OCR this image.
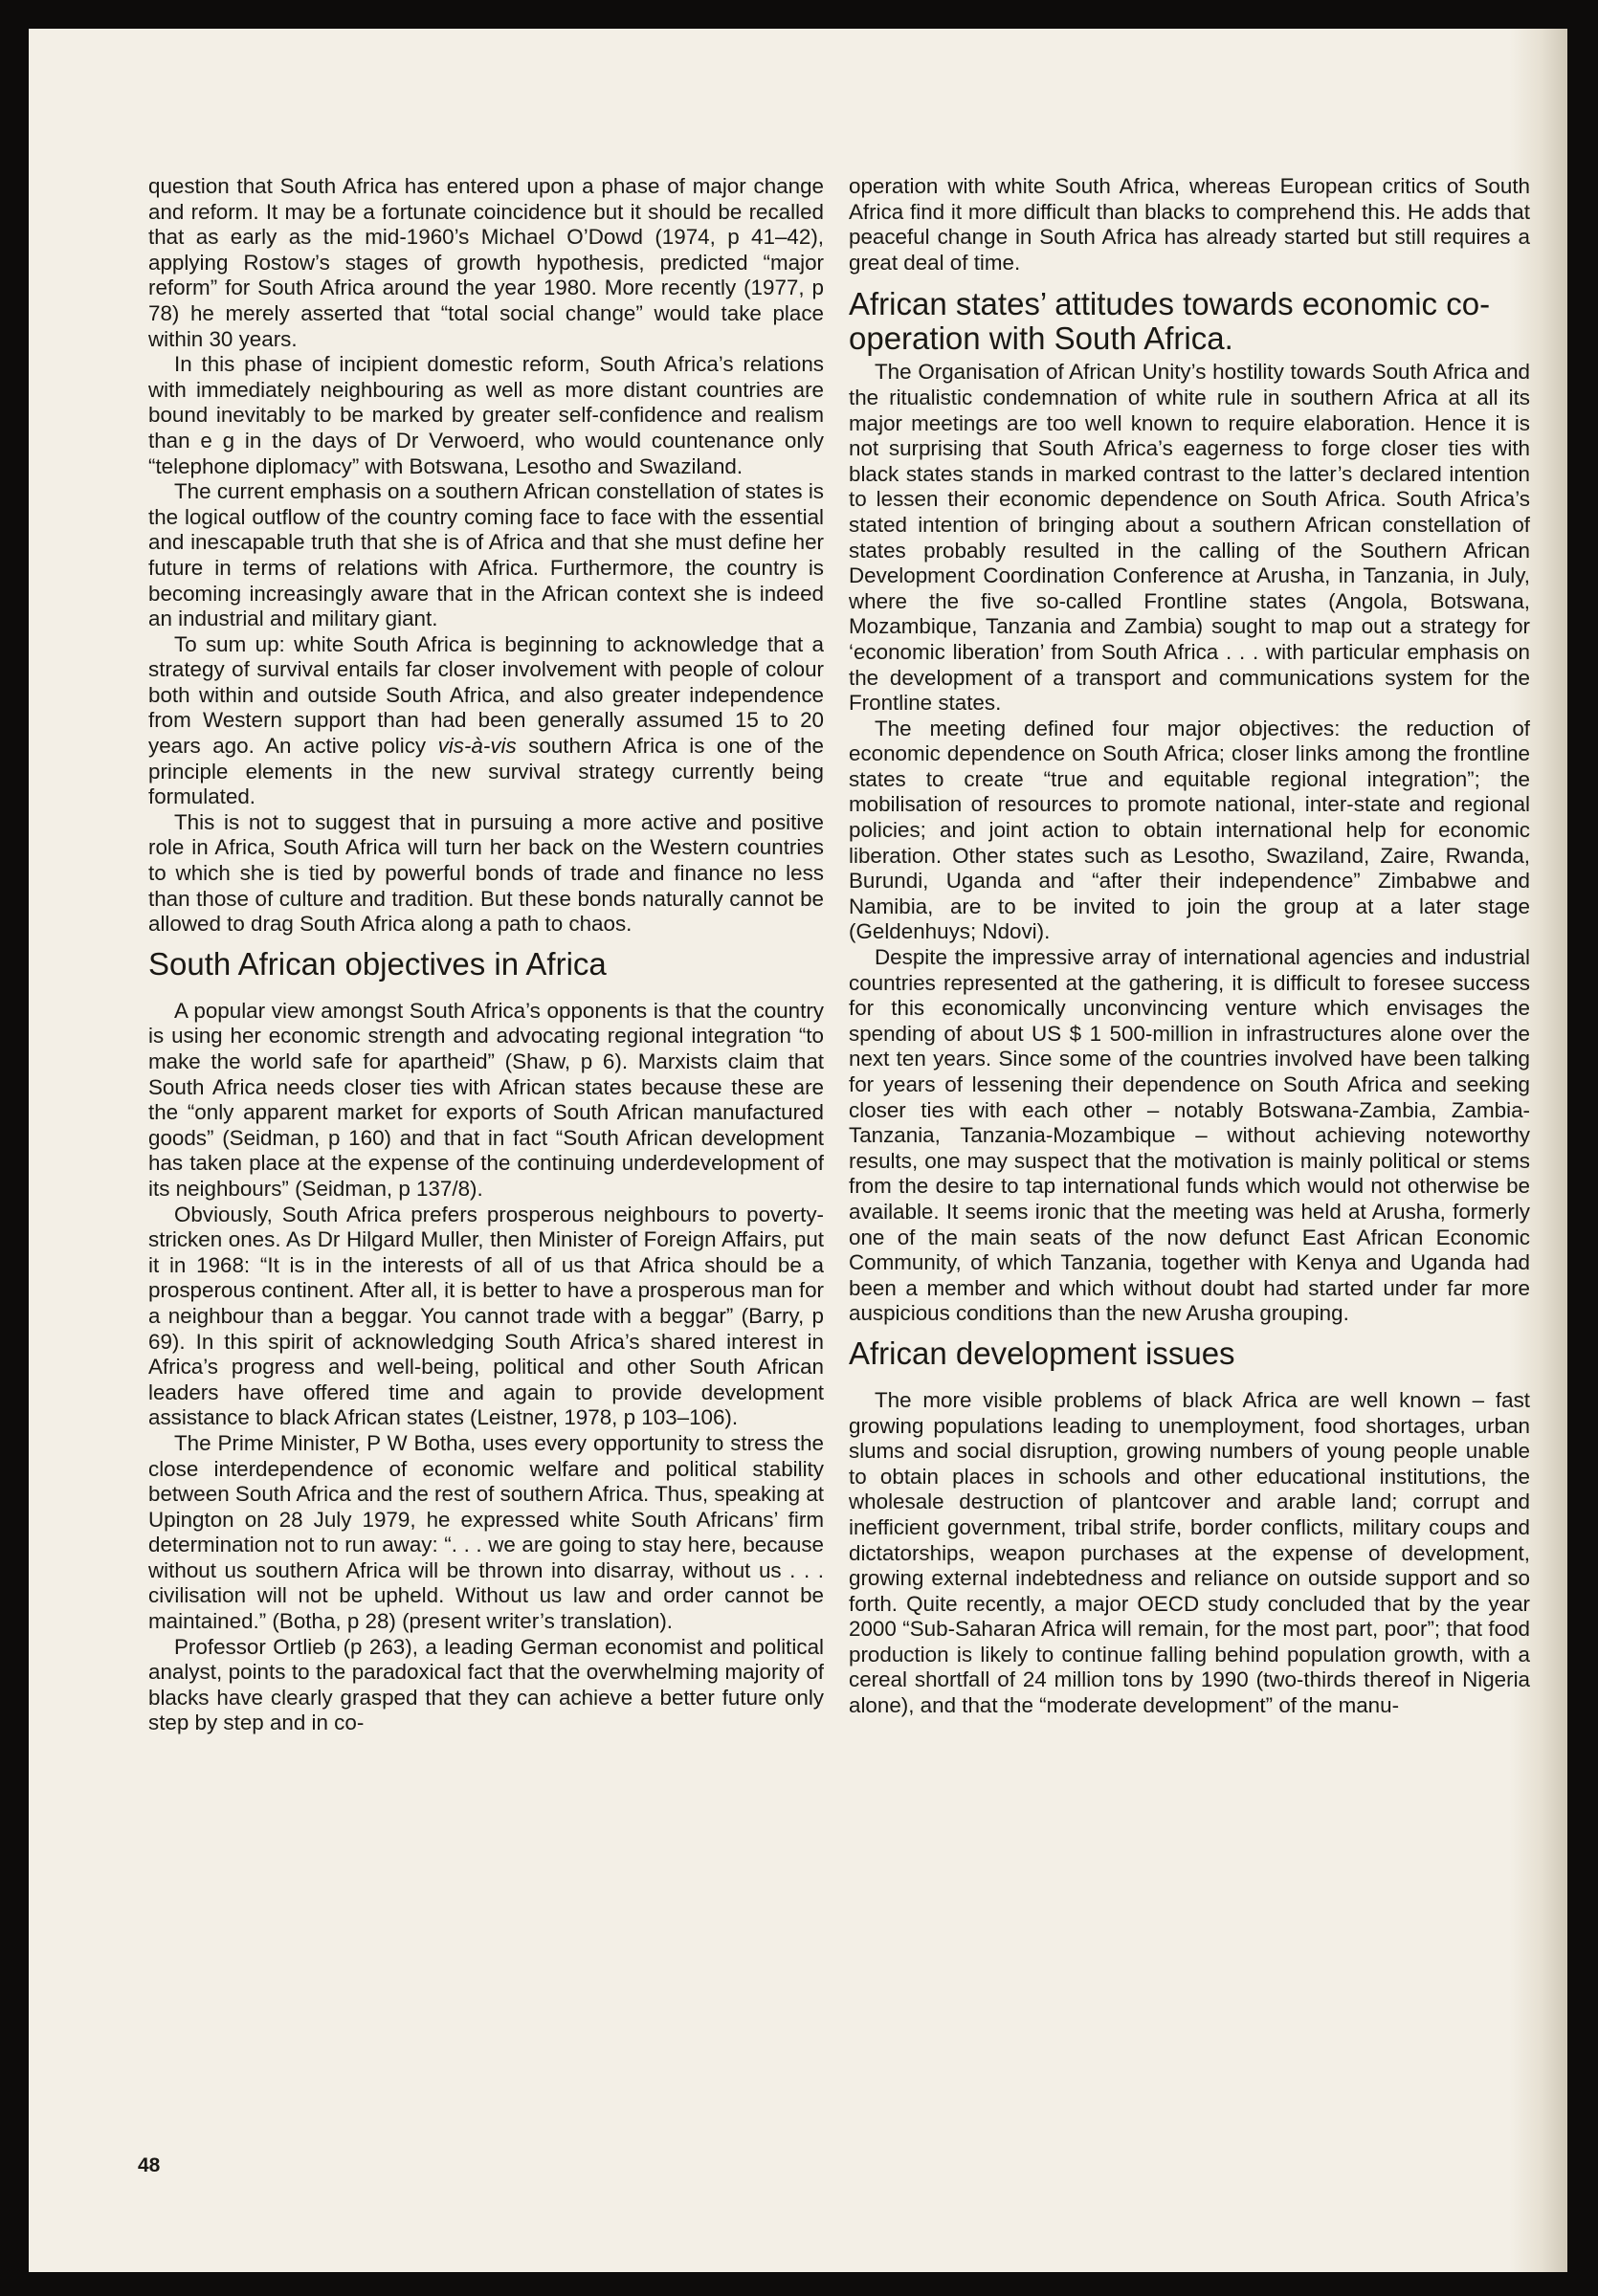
question that South Africa has entered upon a phase of major change and reform. It may be a fortunate coincidence but it should be recalled that as early as the mid-1960’s Michael O’Dowd (1974, p 41–42), applying Rostow’s stages of growth hypothesis, predicted “major reform” for South Africa around the year 1980. More recently (1977, p 78) he merely asserted that “total social change” would take place within 30 years.

In this phase of incipient domestic reform, South Africa’s relations with immediately neighbouring as well as more distant countries are bound inevitably to be marked by greater self-confidence and realism than e g in the days of Dr Verwoerd, who would countenance only “telephone diplomacy” with Botswana, Lesotho and Swaziland.

The current emphasis on a southern African constellation of states is the logical outflow of the country coming face to face with the essential and inescapable truth that she is of Africa and that she must define her future in terms of relations with Africa. Furthermore, the country is becoming increasingly aware that in the African context she is indeed an industrial and military giant.

To sum up: white South Africa is beginning to acknowledge that a strategy of survival entails far closer involvement with people of colour both within and outside South Africa, and also greater independence from Western support than had been generally assumed 15 to 20 years ago. An active policy vis-à-vis southern Africa is one of the principle elements in the new survival strategy currently being formulated.

This is not to suggest that in pursuing a more active and positive role in Africa, South Africa will turn her back on the Western countries to which she is tied by powerful bonds of trade and finance no less than those of culture and tradition. But these bonds naturally cannot be allowed to drag South Africa along a path to chaos.

South African objectives in Africa

A popular view amongst South Africa’s opponents is that the country is using her economic strength and advocating regional integration “to make the world safe for apartheid” (Shaw, p 6). Marxists claim that South Africa needs closer ties with African states because these are the “only apparent market for exports of South African manufactured goods” (Seidman, p 160) and that in fact “South African development has taken place at the expense of the continuing underdevelopment of its neighbours” (Seidman, p 137/8).

Obviously, South Africa prefers prosperous neighbours to poverty-stricken ones. As Dr Hilgard Muller, then Minister of Foreign Affairs, put it in 1968: “It is in the interests of all of us that Africa should be a prosperous continent. After all, it is better to have a prosperous man for a neighbour than a beggar. You cannot trade with a beggar” (Barry, p 69). In this spirit of acknowledging South Africa’s shared interest in Africa’s progress and well-being, political and other South African leaders have offered time and again to provide development assistance to black African states (Leistner, 1978, p 103–106).

The Prime Minister, P W Botha, uses every opportunity to stress the close interdependence of economic welfare and political stability between South Africa and the rest of southern Africa. Thus, speaking at Upington on 28 July 1979, he expressed white South Africans’ firm determination not to run away: “. . . we are going to stay here, because without us southern Africa will be thrown into disarray, without us . . . civilisation will not be upheld. Without us law and order cannot be maintained.” (Botha, p 28) (present writer’s translation).

Professor Ortlieb (p 263), a leading German economist and political analyst, points to the paradoxical fact that the overwhelming majority of blacks have clearly grasped that they can achieve a better future only step by step and in co-

operation with white South Africa, whereas European critics of South Africa find it more difficult than blacks to comprehend this. He adds that peaceful change in South Africa has already started but still requires a great deal of time.

African states’ attitudes towards economic co-operation with South Africa.

The Organisation of African Unity’s hostility towards South Africa and the ritualistic condemnation of white rule in southern Africa at all its major meetings are too well known to require elaboration. Hence it is not surprising that South Africa’s eagerness to forge closer ties with black states stands in marked contrast to the latter’s declared intention to lessen their economic dependence on South Africa. South Africa’s stated intention of bringing about a southern African constellation of states probably resulted in the calling of the Southern African Development Coordination Conference at Arusha, in Tanzania, in July, where the five so-called Frontline states (Angola, Botswana, Mozambique, Tanzania and Zambia) sought to map out a strategy for ‘economic liberation’ from South Africa . . . with particular emphasis on the development of a transport and communications system for the Frontline states.

The meeting defined four major objectives: the reduction of economic dependence on South Africa; closer links among the frontline states to create “true and equitable regional integration”; the mobilisation of resources to promote national, inter-state and regional policies; and joint action to obtain international help for economic liberation. Other states such as Lesotho, Swaziland, Zaire, Rwanda, Burundi, Uganda and “after their independence” Zimbabwe and Namibia, are to be invited to join the group at a later stage (Geldenhuys; Ndovi).

Despite the impressive array of international agencies and industrial countries represented at the gathering, it is difficult to foresee success for this economically unconvincing venture which envisages the spending of about US $ 1 500-million in infrastructures alone over the next ten years. Since some of the countries involved have been talking for years of lessening their dependence on South Africa and seeking closer ties with each other – notably Botswana-Zambia, Zambia-Tanzania, Tanzania-Mozambique – without achieving noteworthy results, one may suspect that the motivation is mainly political or stems from the desire to tap international funds which would not otherwise be available. It seems ironic that the meeting was held at Arusha, formerly one of the main seats of the now defunct East African Economic Community, of which Tanzania, together with Kenya and Uganda had been a member and which without doubt had started under far more auspicious conditions than the new Arusha grouping.

African development issues

The more visible problems of black Africa are well known – fast growing populations leading to unemployment, food shortages, urban slums and social disruption, growing numbers of young people unable to obtain places in schools and other educational institutions, the wholesale destruction of plantcover and arable land; corrupt and inefficient government, tribal strife, border conflicts, military coups and dictatorships, weapon purchases at the expense of development, growing external indebtedness and reliance on outside support and so forth. Quite recently, a major OECD study concluded that by the year 2000 “Sub-Saharan Africa will remain, for the most part, poor”; that food production is likely to continue falling behind population growth, with a cereal shortfall of 24 million tons by 1990 (two-thirds thereof in Nigeria alone), and that the “moderate development” of the manu-

48
